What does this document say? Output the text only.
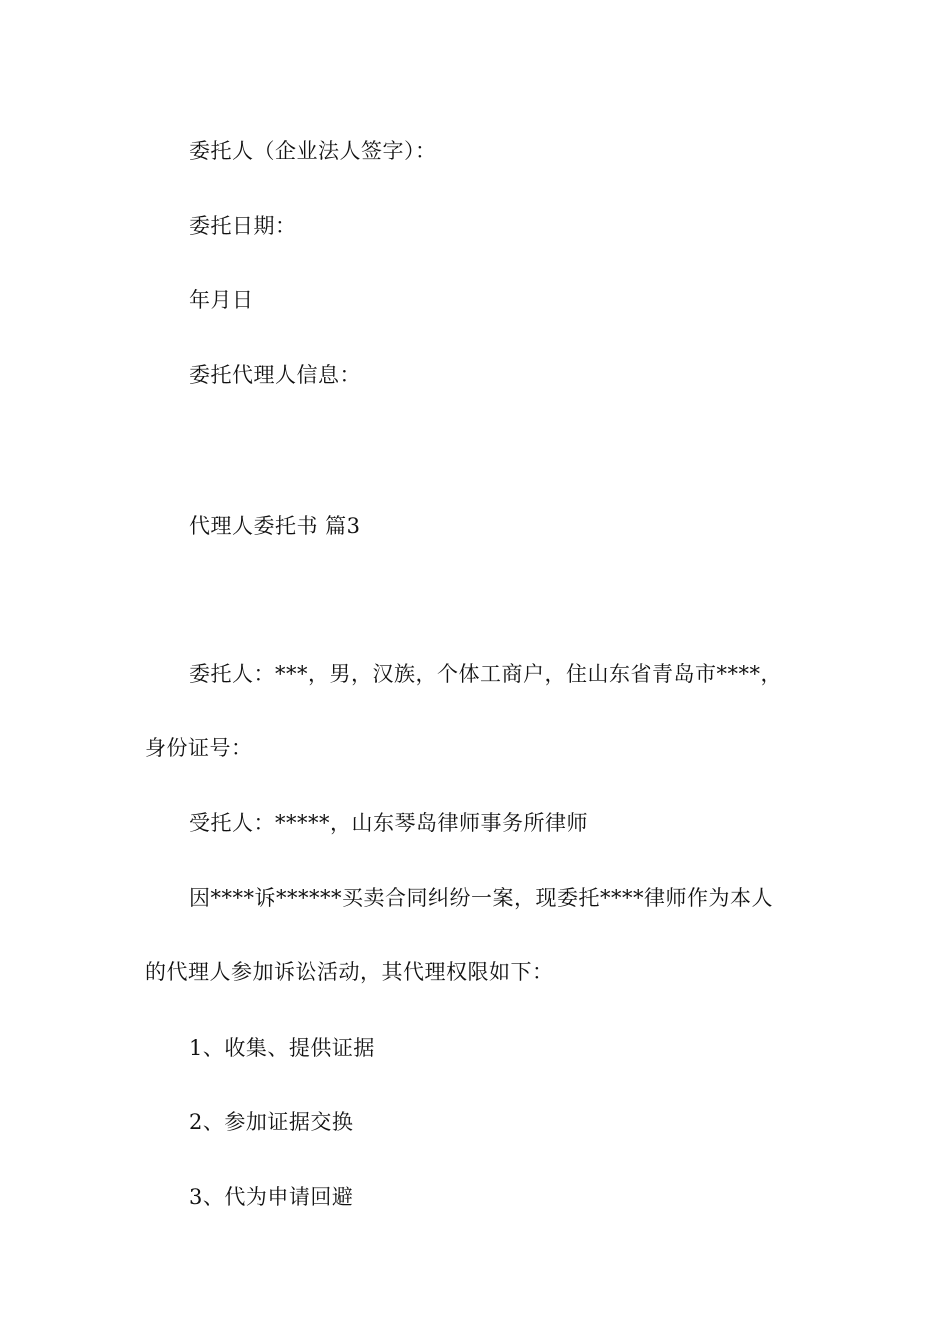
委托人（企业法人签字）：
委托日期：
年月日
委托代理人信息：
代理人委托书 篇3
委托人：***，男，汉族，个体工商户，住山东省青岛市****，
身份证号：
受托人：*****，山东琴岛律师事务所律师
因****诉******买卖合同纠纷一案，现委托****律师作为本人
的代理人参加诉讼活动，其代理权限如下：
1、收集、提供证据
2、参加证据交换
3、代为申请回避
